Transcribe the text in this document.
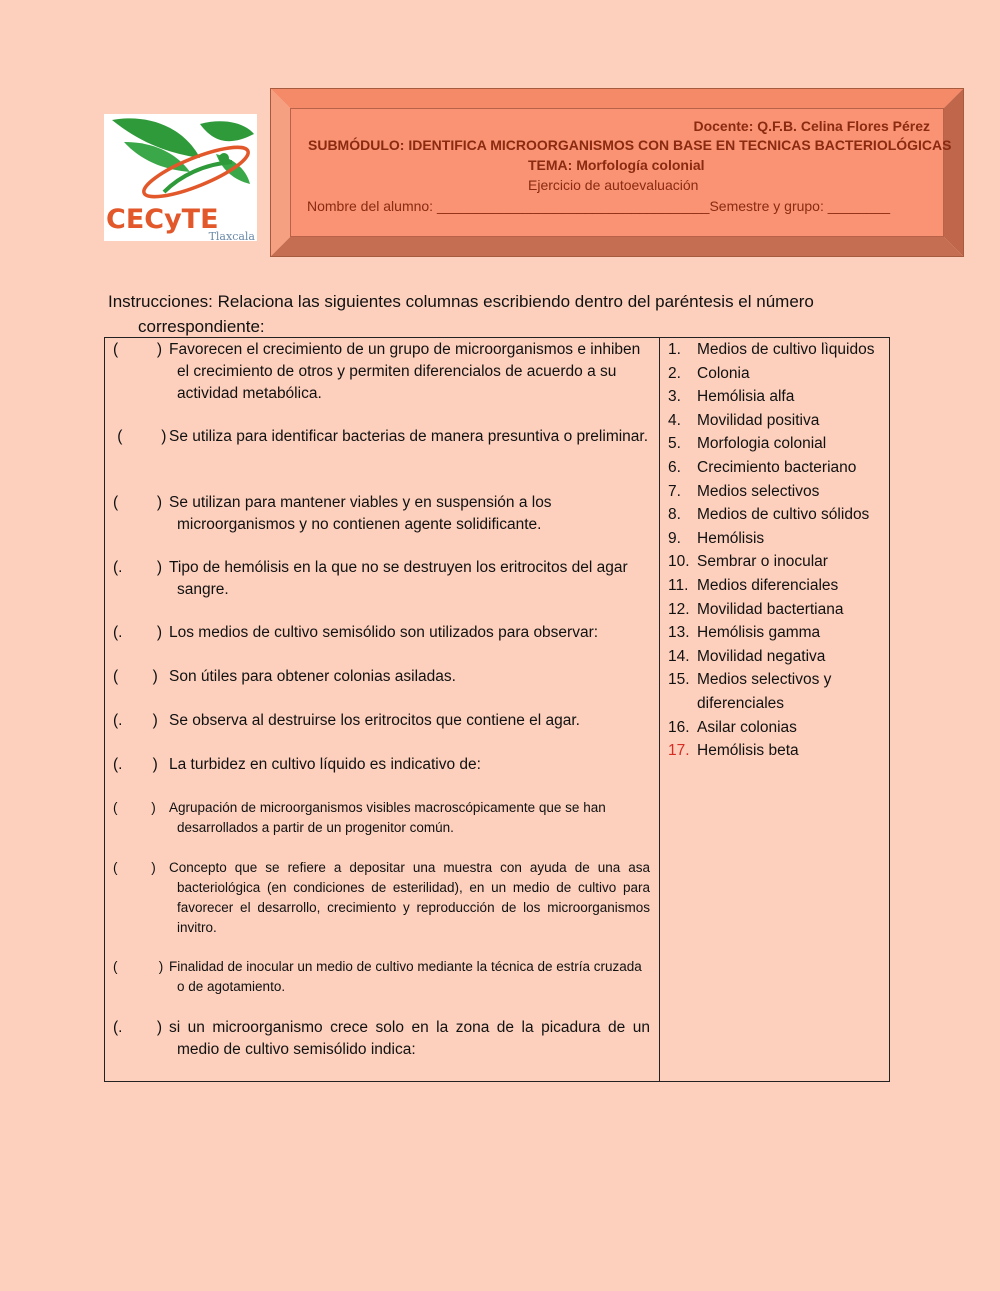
CECyTE
Tlaxcala
Docente: Q.F.B. Celina Flores Pérez
SUBMÓDULO: IDENTIFICA MICROORGANISMOS CON BASE EN TECNICAS BACTERIOLÓGICAS
TEMA: Morfología colonial
Ejercicio de autoevaluación
Nombre del alumno: ___________________________________Semestre y grupo: ________
Instrucciones: Relaciona las siguientes columnas escribiendo dentro del paréntesis el número
correspondiente:
(         ) Favorecen el crecimiento de un grupo de microorganismos e inhiben el crecimiento de otros y permiten diferencialos de acuerdo a su actividad metabólica.
(         ) Se utiliza para identificar bacterias de manera presuntiva o preliminar.
(         ) Se utilizan para mantener viables y en suspensión a los microorganismos y no contienen agente solidificante.
(.        ) Tipo de hemólisis en la que no se destruyen los eritrocitos del agar sangre.
(.        ) Los medios de cultivo semisólido son utilizados para observar:
(        ) Son útiles para obtener colonias asiladas.
(.       ) Se observa al destruirse los eritrocitos que contiene el agar.
(.       ) La turbidez en cultivo líquido es indicativo de:
(         ) Agrupación de microorganismos visibles macroscópicamente que se han desarrollados a partir de un progenitor común.
(         ) Concepto que se refiere a depositar una muestra con ayuda de una asa bacteriológica (en condiciones de esterilidad), en un medio de cultivo para favorecer el desarrollo, crecimiento y reproducción de los microorganismos invitro.
(           ) Finalidad de inocular un medio de cultivo mediante la técnica de estría cruzada o de agotamiento.
(.        ) si un microorganismo crece solo en la zona de la picadura de un medio de cultivo semisólido indica:
1. Medios de cultivo lìquidos
2. Colonia
3. Hemólisia alfa
4. Movilidad positiva
5. Morfologia colonial
6. Crecimiento bacteriano
7. Medios selectivos
8. Medios de cultivo sólidos
9. Hemólisis
10. Sembrar o inocular
11. Medios diferenciales
12. Movilidad bactertiana
13. Hemólisis gamma
14. Movilidad negativa
15. Medios selectivos y diferenciales
16. Asilar colonias
17. Hemólisis beta
